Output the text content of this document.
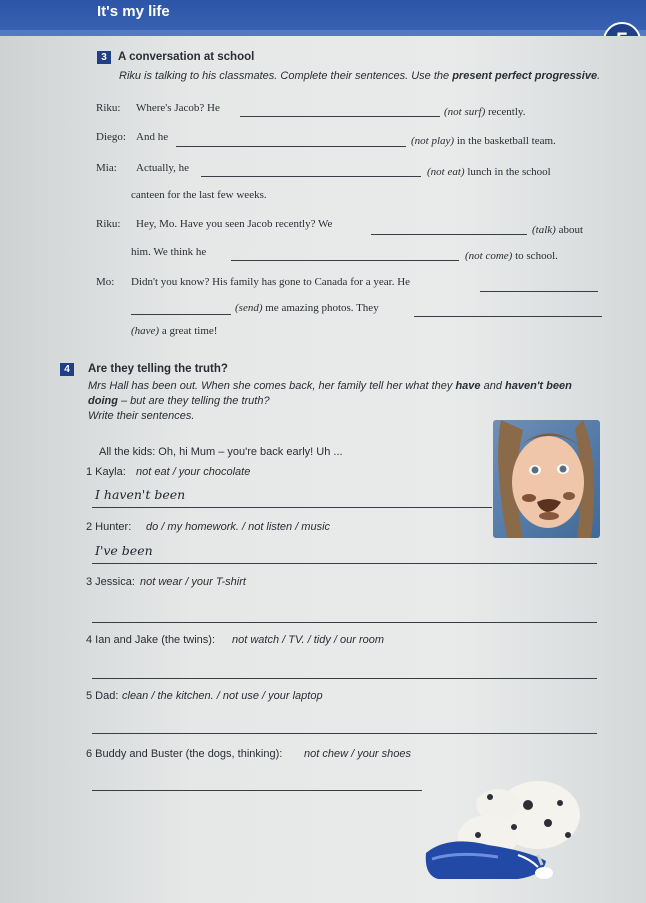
It's my life
3 A conversation at school
Riku is talking to his classmates. Complete their sentences. Use the present perfect progressive.
Riku: Where's Jacob? He	(not surf) recently.
Diego: And he	(not play) in the basketball team.
Mia: Actually, he	(not eat) lunch in the school
canteen for the last few weeks.
Riku: Hey, Mo. Have you seen Jacob recently? We	(talk) about
him. We think he	(not come) to school.
Mo: Didn't you know? His family has gone to Canada for a year. He
(send) me amazing photos. They
(have) a great time!
4	Are they telling the truth?
Mrs Hall has been out. When she comes back, her family tell her what they have and haven't been
doing – but are they telling the truth?
Write their sentences.
All the kids: Oh, hi Mum – you're back early! Uh ...
1 Kayla: not eat / your chocolate
I haven't been
2 Hunter: do / my homework. / not listen / music
I've been
3 Jessica: not wear / your T-shirt
4 Ian and Jake (the twins): not watch / TV. / tidy / our room
5 Dad: clean / the kitchen. / not use / your laptop
6 Buddy and Buster (the dogs, thinking): not chew / your shoes
